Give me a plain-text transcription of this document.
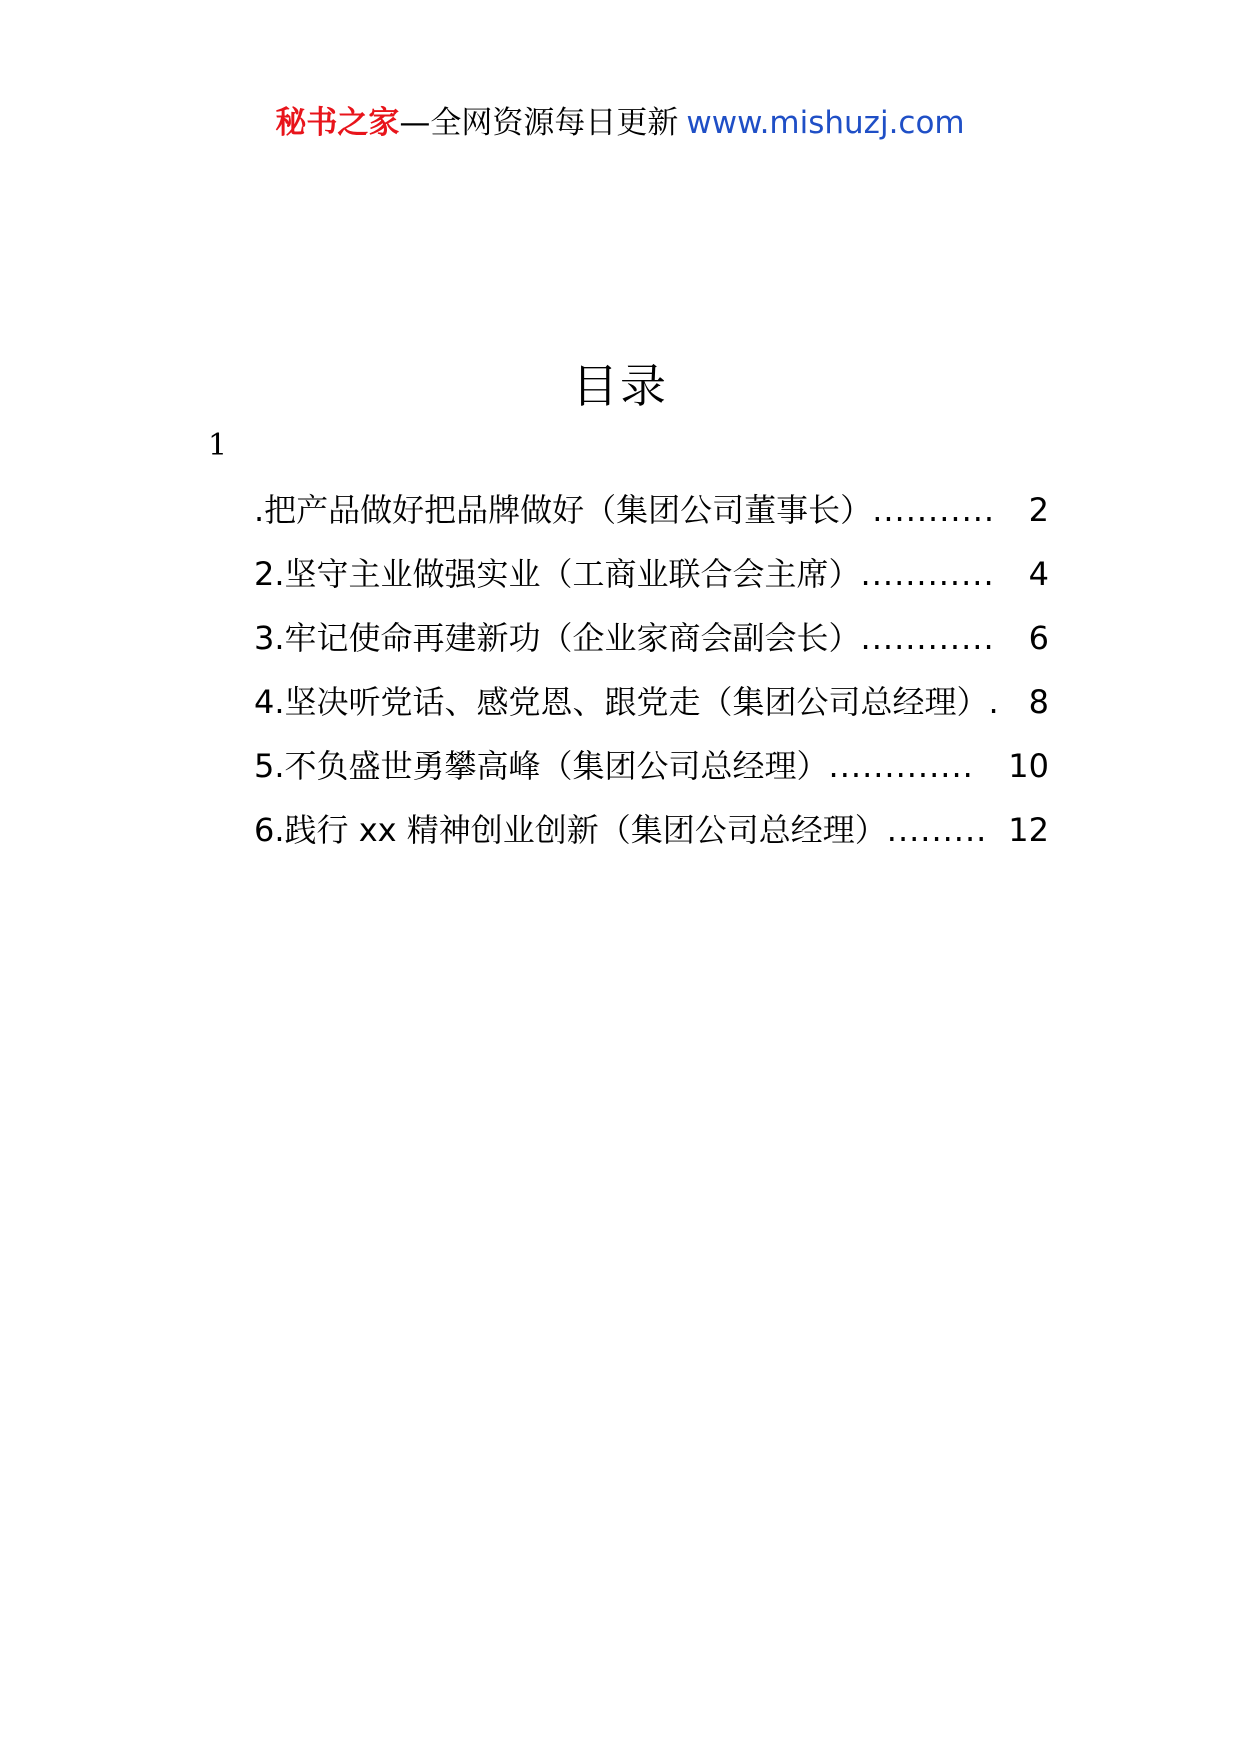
秘书之家—全网资源每日更新 www.mishuzj.com
目录
1
.把产品做好把品牌做好（集团公司董事长） ...........	2
2.坚守主业做强实业（工商业联合会主席） ............	4
3.牢记使命再建新功（企业家商会副会长） ............	6
4.坚决听党话、感党恩、跟党走（集团公司总经理） . 8
5.不负盛世勇攀高峰（集团公司总经理） .............	10
6.践行 xx 精神创业创新（集团公司总经理） ......... 12
